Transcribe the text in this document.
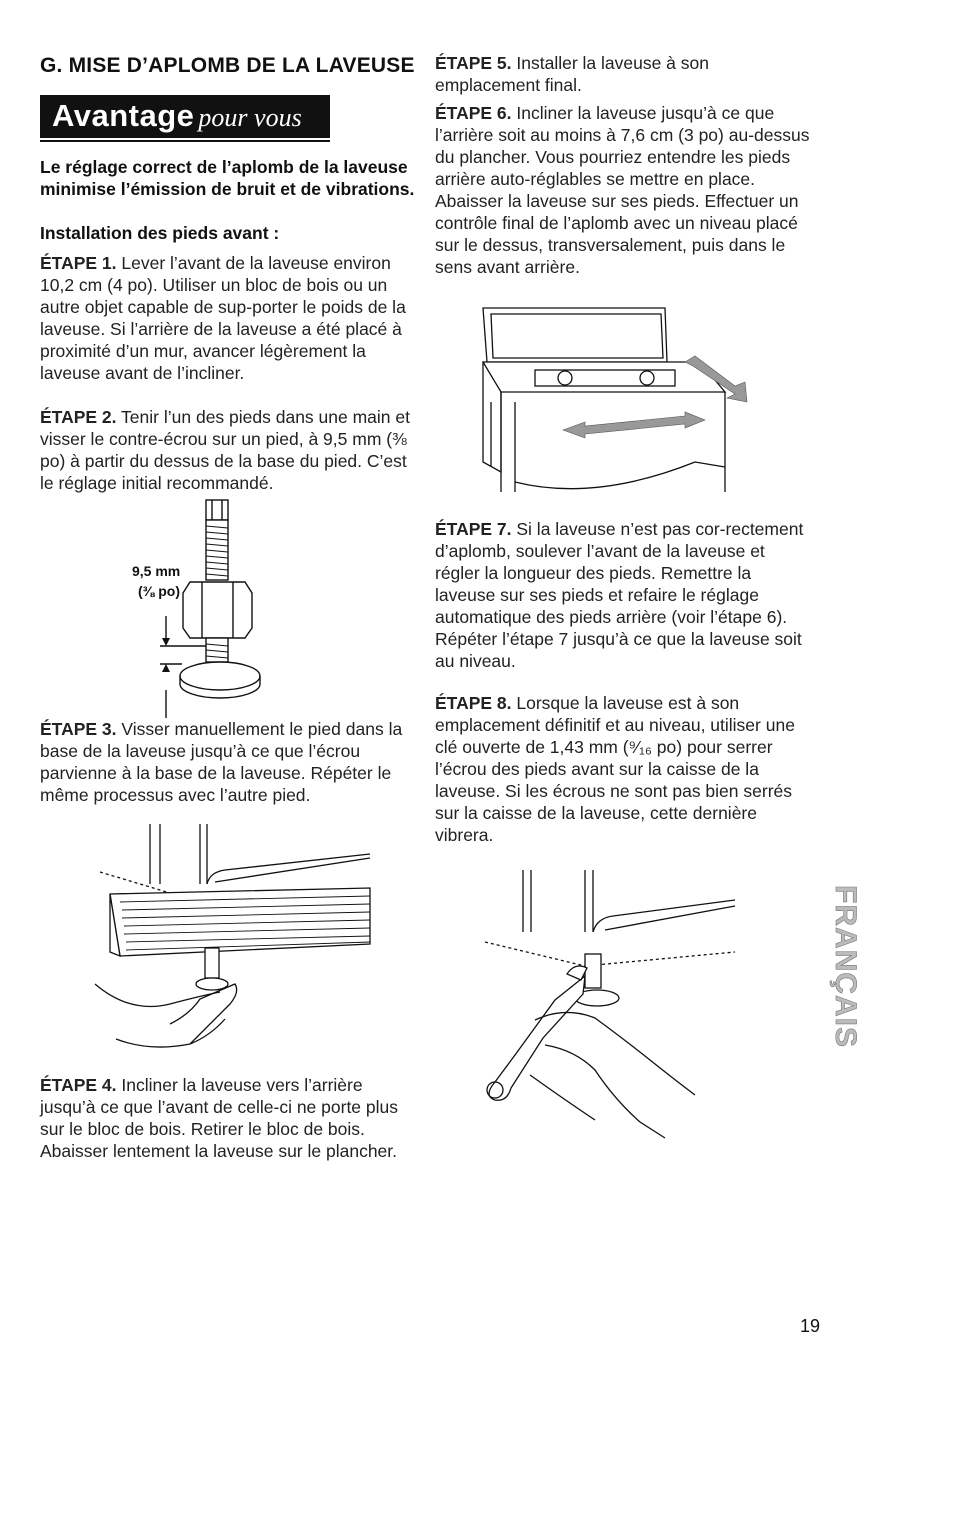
G. MISE D’APLOMB DE LA LAVEUSE
Avantage pour vous

Le réglage correct de l’aplomb de la laveuse minimise l’émission de bruit et de vibrations.

Installation des pieds avant :

ÉTAPE 1. Lever l’avant de la laveuse environ 10,2 cm (4 po). Utiliser un bloc de bois ou un autre objet capable de sup-porter le poids de la laveuse. Si l’arrière de la laveuse a été placé à proximité d’un mur, avancer légèrement la laveuse avant de l’incliner.

ÉTAPE 2. Tenir l’un des pieds dans une main et visser le contre-écrou sur un pied, à 9,5 mm (⅜ po) à partir du dessus de la base du pied. C’est le réglage initial recommandé.

9,5 mm
(⅜ po)

ÉTAPE 3. Visser manuellement le pied dans la base de la laveuse jusqu’à ce que l’écrou parvienne à la base de la laveuse. Répéter le même processus avec l’autre pied.

ÉTAPE 4. Incliner la laveuse vers l’arrière jusqu’à ce que l’avant de celle-ci ne porte plus sur le bloc de bois. Retirer le bloc de bois. Abaisser lentement la laveuse sur le plancher.

ÉTAPE 5. Installer la laveuse à son emplacement final.

ÉTAPE 6. Incliner la laveuse jusqu’à ce que l’arrière soit au moins à 7,6 cm (3 po) au-dessus du plancher. Vous pourriez entendre les pieds arrière auto-réglables se mettre en place. Abaisser la laveuse sur ses pieds. Effectuer un contrôle final de l’aplomb avec un niveau placé sur le dessus, transversalement, puis dans le sens avant arrière.

ÉTAPE 7. Si la laveuse n’est pas cor-rectement d’aplomb, soulever l’avant de la laveuse et régler la longueur des pieds. Remettre la laveuse sur ses pieds et refaire le réglage automatique des pieds arrière (voir l’étape 6). Répéter l’étape 7 jusqu’à ce que la laveuse soit au niveau.

ÉTAPE 8. Lorsque la laveuse est à son emplacement définitif et au niveau, utiliser une clé ouverte de 1,43 mm (⁹⁄₁₆ po) pour serrer l’écrou des pieds avant sur la caisse de la laveuse. Si les écrous ne sont pas bien serrés sur la caisse de la laveuse, cette dernière vibrera.

FRANÇAIS
19
